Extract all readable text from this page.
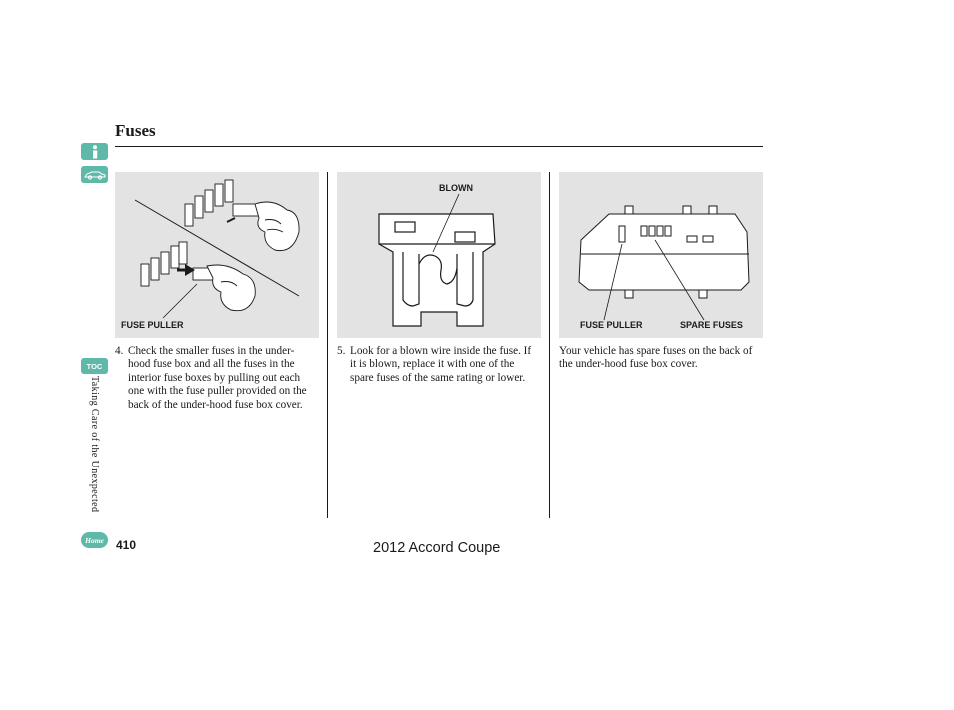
Fuses
TOC
Taking Care of the Unexpected
Home
FUSE PULLER
BLOWN
FUSE PULLER	SPARE FUSES
4. Check the smaller fuses in the under-hood fuse box and all the fuses in the interior fuse boxes by pulling out each one with the fuse puller provided on the back of the under-hood fuse box cover.
5. Look for a blown wire inside the fuse. If it is blown, replace it with one of the spare fuses of the same rating or lower.
Your vehicle has spare fuses on the back of the under-hood fuse box cover.
410	2012 Accord Coupe
